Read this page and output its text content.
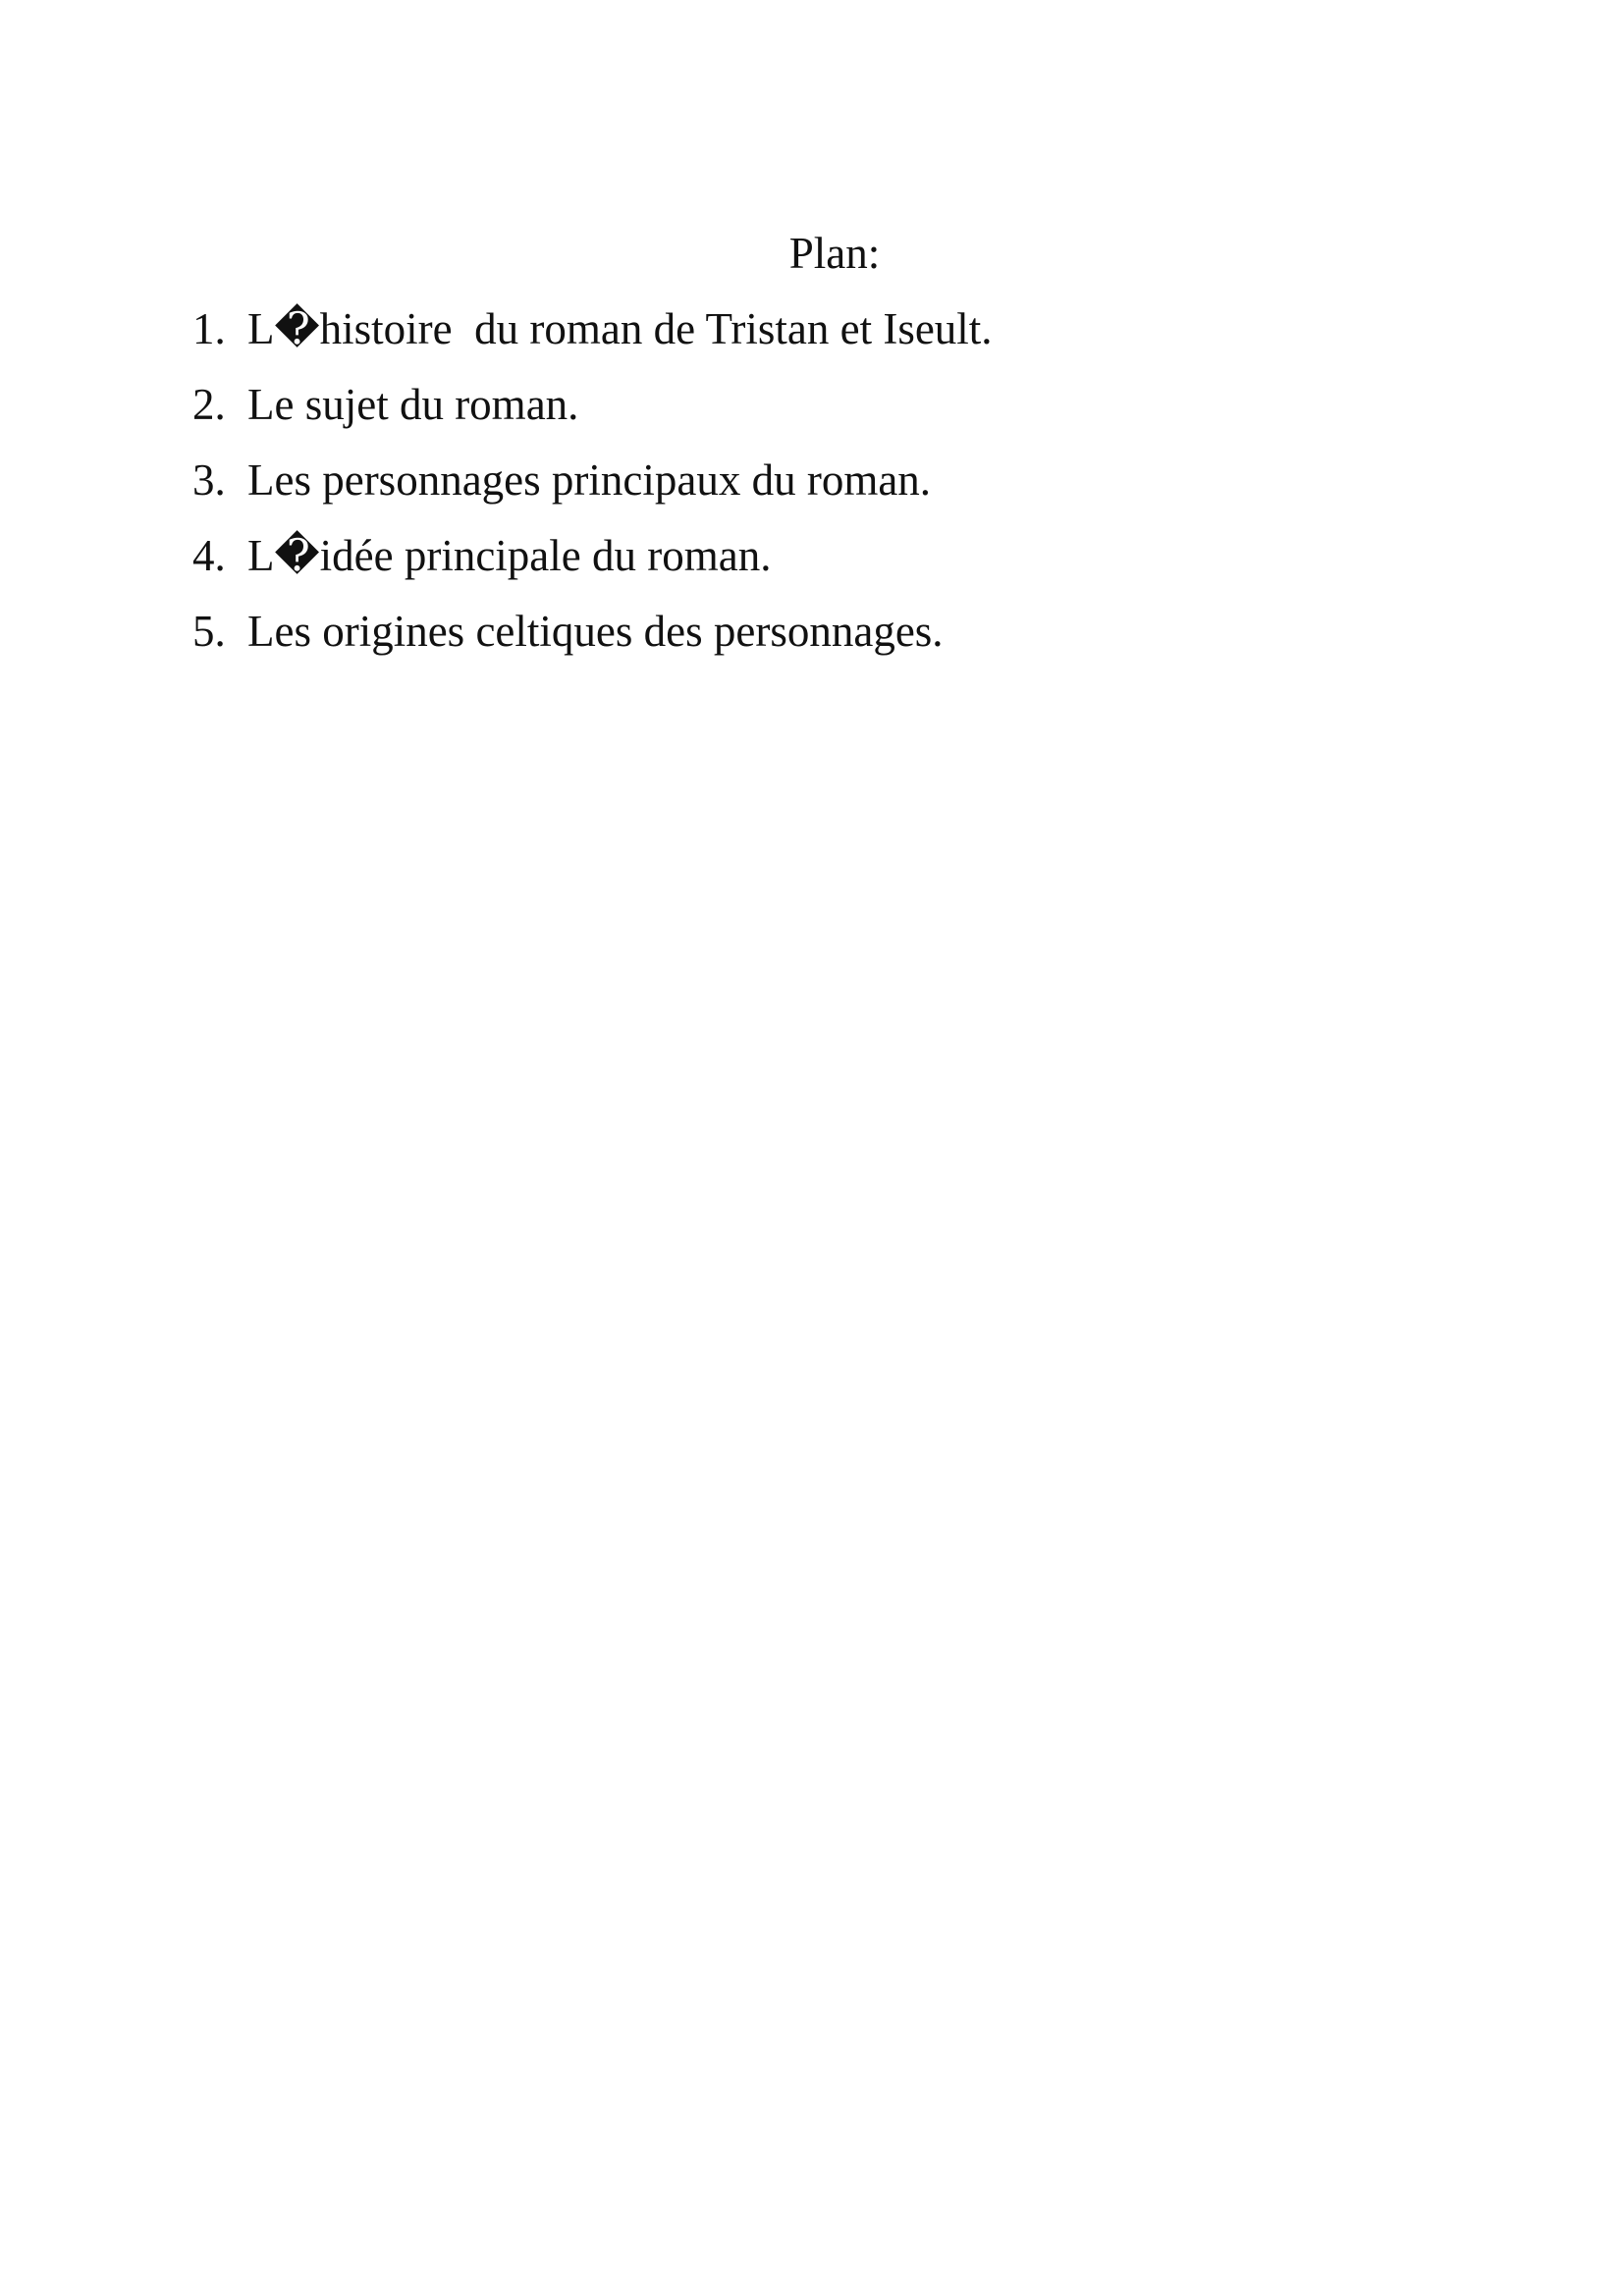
Plan:
1. L�histoire  du roman de Tristan et Iseult.
2. Le sujet du roman.
3. Les personnages principaux du roman.
4. L�idée principale du roman.
5. Les origines celtiques des personnages.
